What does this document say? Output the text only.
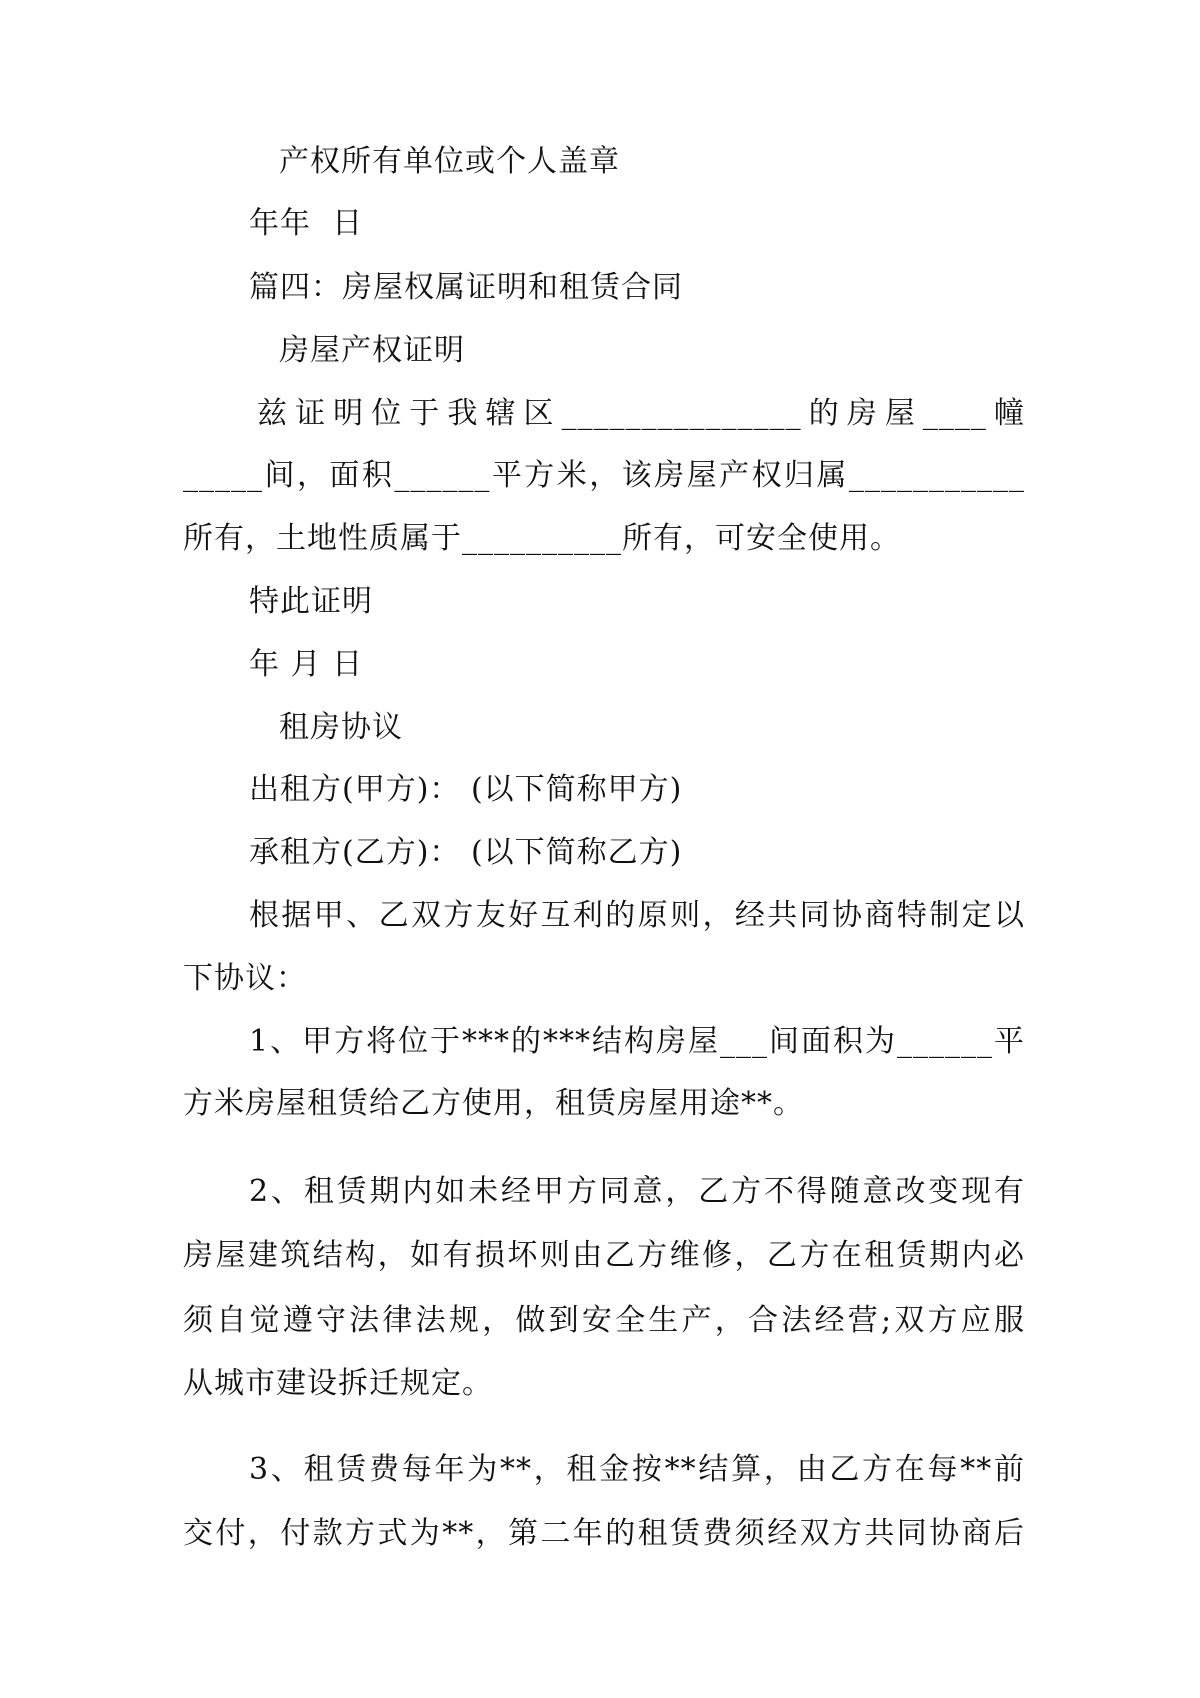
产权所有单位或个人盖章
年年  日
篇四：房屋权属证明和租赁合同
房屋产权证明
兹证明位于我辖区_______________的房屋____幢
_____间，面积______平方米，该房屋产权归属___________
所有，土地性质属于__________所有，可安全使用。
特此证明
年 月 日
租房协议
出租方(甲方)： (以下简称甲方)
承租方(乙方)： (以下简称乙方)
根据甲、乙双方友好互利的原则，经共同协商特制定以
下协议：
1、甲方将位于***的***结构房屋___间面积为______平
方米房屋租赁给乙方使用，租赁房屋用途**。
2、租赁期内如未经甲方同意，乙方不得随意改变现有
房屋建筑结构，如有损坏则由乙方维修，乙方在租赁期内必
须自觉遵守法律法规，做到安全生产，合法经营;双方应服
从城市建设拆迁规定。
3、租赁费每年为**，租金按**结算，由乙方在每**前
交付，付款方式为**，第二年的租赁费须经双方共同协商后
